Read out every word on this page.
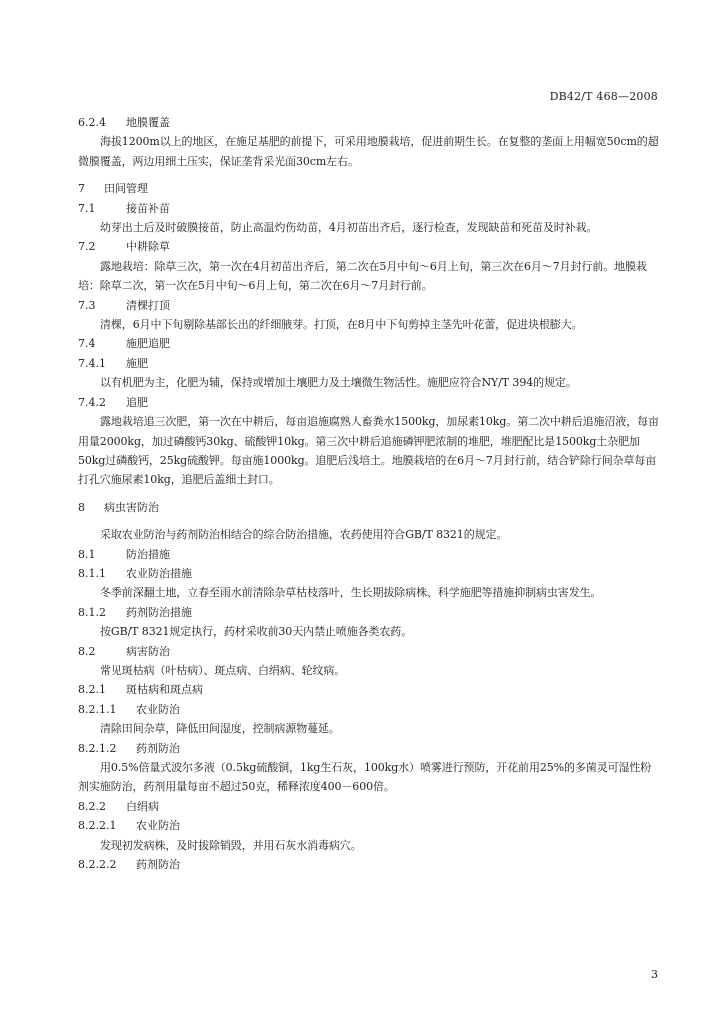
DB42/T 468—2008
6.2.4 地膜覆盖
海拔1200m以上的地区，在施足基肥的前提下，可采用地膜栽培，促进前期生长。在复整的垄面上用幅宽50cm的超微膜覆盖，两边用细土压实，保证垄背采光面30cm左右。
7 田间管理
7.1	接苗补苗
幼芽出土后及时破膜接苗，防止高温灼伤幼苗，4月初苗出齐后，逐行检查，发现缺苗和死苗及时补栽。
7.2	中耕除草
露地栽培：除草三次，第一次在4月初苗出齐后，第二次在5月中旬～6月上旬，第三次在6月～7月封行前。地膜栽培：除草二次，第一次在5月中旬～6月上旬，第二次在6月～7月封行前。
7.3	清棵打顶
清棵，6月中下旬剔除基部长出的纤细腋芽。打顶，在8月中下旬剪掉主茎先叶花蕾，促进块根膨大。
7.4	施肥追肥
7.4.1 施肥
以有机肥为主，化肥为辅，保持或增加土壤肥力及土壤微生物活性。施肥应符合NY/T 394的规定。
7.4.2 追肥
露地栽培追三次肥，第一次在中耕后，每亩追施腐熟人畜粪水1500kg，加尿素10kg。第二次中耕后追施沼液，每亩用量2000kg，加过磷酸钙30kg、硫酸钾10kg。第三次中耕后追施磷钾肥浓制的堆肥，堆肥配比是1500kg土杂肥加50kg过磷酸钙，25kg硫酸钾。每亩施1000kg。追肥后浅培土。地膜栽培的在6月～7月封行前，结合铲除行间杂草每亩打孔穴施尿素10kg，追肥后盖细土封口。
8 病虫害防治
采取农业防治与药剂防治相结合的综合防治措施，农药使用符合GB/T 8321的规定。
8.1	防治措施
8.1.1 农业防治措施
冬季前深翻土地，立春至雨水前清除杂草枯枝落叶，生长期拔除病株、科学施肥等措施抑制病虫害发生。
8.1.2 药剂防治措施
按GB/T 8321规定执行，药材采收前30天内禁止喷施各类农药。
8.2	病害防治
常见斑枯病（叶枯病）、斑点病、白绢病、轮纹病。
8.2.1 斑枯病和斑点病
8.2.1.1 农业防治
清除田间杂草，降低田间湿度，控制病源物蔓延。
8.2.1.2 药剂防治
用0.5%倍量式波尔多液（0.5kg硫酸铜，1kg生石灰，100kg水）喷雾进行预防，开花前用25%的多菌灵可湿性粉剂实施防治，药剂用量每亩不超过50克，稀释浓度400－600倍。
8.2.2 白绢病
8.2.2.1 农业防治
发现初发病株，及时拔除销毁，并用石灰水消毒病穴。
8.2.2.2 药剂防治
3
